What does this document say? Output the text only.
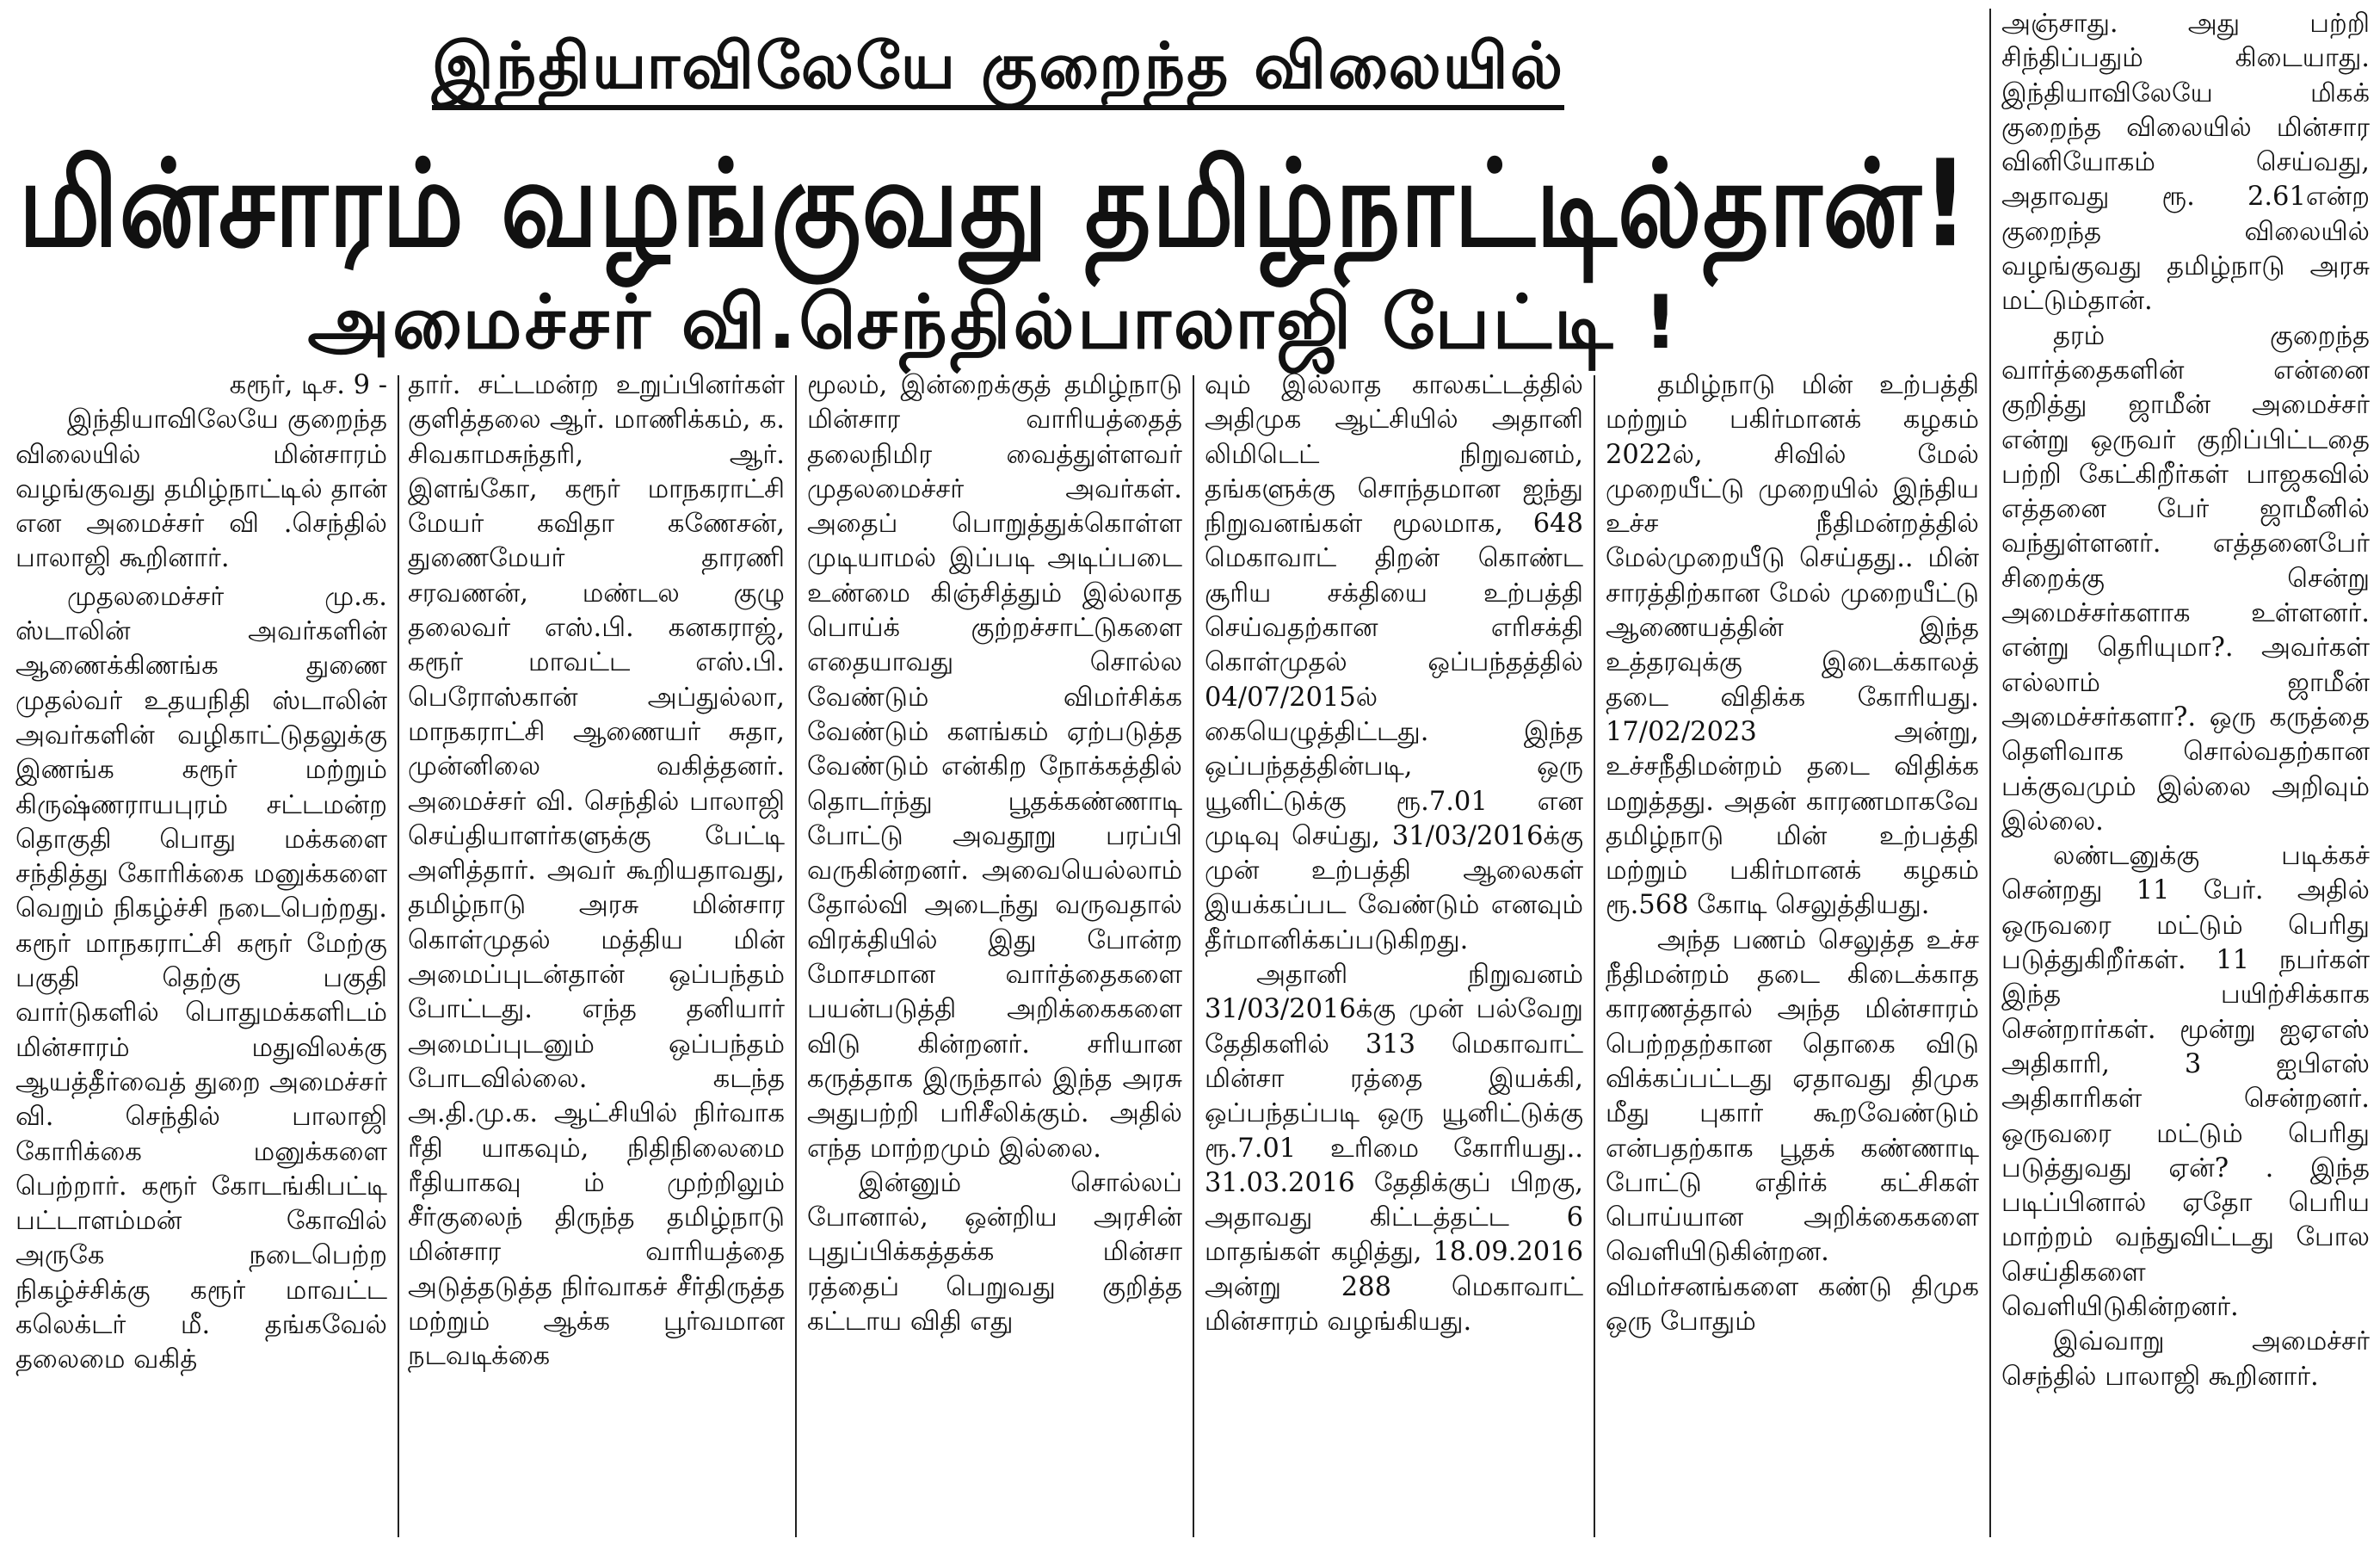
இந்தியாவிலேயே குறைந்த விலையில்
மின்சாரம் வழங்குவது தமிழ்நாட்டில்தான்!
அமைச்சர் வி.செந்தில்பாலாஜி பேட்டி !

கரூர், டிச. 9 -

இந்தியாவிலேயே குறைந்த விலையில் மின்சாரம் வழங்குவது தமிழ்நாட்டில் தான் என அமைச்சர் வி .செந்தில் பாலாஜி கூறினார்.

முதலமைச்சர் மு.க. ஸ்டாலின் அவர்களின் ஆணைக்கிணங்க துணை முதல்வர் உதயநிதி ஸ்டாலின் அவர்களின் வழிகாட்டுதலுக்கு இணங்க கரூர் மற்றும் கிருஷ்ணராயபுரம் சட்டமன்ற தொகுதி பொது மக்களை சந்தித்து கோரிக்கை மனுக்களை வெறும் நிகழ்ச்சி நடைபெற்றது. கரூர் மாநகராட்சி கரூர் மேற்கு பகுதி தெற்கு பகுதி வார்டுகளில் பொதுமக்களிடம் மின்சாரம் மதுவிலக்கு ஆயத்தீர்வைத் துறை அமைச்சர் வி. செந்தில் பாலாஜி கோரிக்கை மனுக்களை பெற்றார். கரூர் கோடங்கிபட்டி பட்டாளம்மன் கோவில் அருகே நடைபெற்ற நிகழ்ச்சிக்கு கரூர் மாவட்ட கலெக்டர் மீ. தங்கவேல் தலைமை வகித்

தார். சட்டமன்ற உறுப்பினர்கள் குளித்தலை ஆர். மாணிக்கம், க. சிவகாமசுந்தரி, ஆர். இளங்கோ, கரூர் மாநகராட்சி மேயர் கவிதா கணேசன், துணைமேயர் தாரணி சரவணன், மண்டல குழு தலைவர் எஸ்.பி. கனகராஜ், கரூர் மாவட்ட எஸ்.பி. பெரோஸ்கான் அப்துல்லா, மாநகராட்சி ஆணையர் சுதா, முன்னிலை வகித்தனர். அமைச்சர் வி. செந்தில் பாலாஜி செய்தியாளர்களுக்கு பேட்டி அளித்தார். அவர் கூறியதாவது, தமிழ்நாடு அரசு மின்சார கொள்முதல் மத்திய மின் அமைப்புடன்தான் ஒப்பந்தம் போட்டது. எந்த தனியார் அமைப்புடனும் ஒப்பந்தம் போடவில்லை. கடந்த அ.தி.மு.க. ஆட்சியில் நிர்வாக ரீதி யாகவும், நிதிநிலைமை ரீதியாகவு ம் முற்றிலும் சீர்குலைந் திருந்த தமிழ்நாடு மின்சார வாரியத்தை அடுத்தடுத்த நிர்வாகச் சீர்திருத்த மற்றும் ஆக்க பூர்வமான நடவடிக்கை

மூலம், இன்றைக்குத் தமிழ்நாடு மின்சார வாரியத்தைத் தலைநிமிர வைத்துள்ளவர் முதலமைச்சர் அவர்கள். அதைப் பொறுத்துக்கொள்ள முடியாமல் இப்படி அடிப்படை உண்மை கிஞ்சித்தும் இல்லாத பொய்க் குற்றச்சாட்டுகளை எதையாவது சொல்ல வேண்டும் விமர்சிக்க வேண்டும் களங்கம் ஏற்படுத்த வேண்டும் என்கிற நோக்கத்தில் தொடர்ந்து பூதக்கண்ணாடி போட்டு அவதூறு பரப்பி வருகின்றனர். அவையெல்லாம் தோல்வி அடைந்து வருவதால் விரக்தியில் இது போன்ற மோசமான வார்த்தைகளை பயன்படுத்தி அறிக்கைகளை விடு கின்றனர். சரியான கருத்தாக இருந்தால் இந்த அரசு அதுபற்றி பரிசீலிக்கும். அதில் எந்த மாற்றமும் இல்லை.

இன்னும் சொல்லப் போனால், ஒன்றிய அரசின் புதுப்பிக்கத்தக்க மின்சா ரத்தைப் பெறுவது குறித்த கட்டாய விதி எது

வும் இல்லாத காலகட்டத்தில் அதிமுக ஆட்சியில் அதானி லிமிடெட் நிறுவனம், தங்களுக்கு சொந்தமான ஐந்து நிறுவனங்கள் மூலமாக, 648 மெகாவாட் திறன் கொண்ட சூரிய சக்தியை உற்பத்தி செய்வதற்கான எரிசக்தி கொள்முதல் ஒப்பந்தத்தில் 04/07/2015ல் கையெழுத்திட்டது. இந்த ஒப்பந்தத்தின்படி, ஒரு யூனிட்டுக்கு ரூ.7.01 என முடிவு செய்து, 31/03/2016க்கு முன் உற்பத்தி ஆலைகள் இயக்கப்பட வேண்டும் எனவும் தீர்மானிக்கப்படுகிறது.

அதானி நிறுவனம் 31/03/2016க்கு முன் பல்வேறு தேதிகளில் 313 மெகாவாட் மின்சா ரத்தை இயக்கி, ஒப்பந்தப்படி ஒரு யூனிட்டுக்கு ரூ.7.01 உரிமை கோரியது.. 31.03.2016 தேதிக்குப் பிறகு, அதாவது கிட்டத்தட்ட 6 மாதங்கள் கழித்து, 18.09.2016 அன்று 288 மெகாவாட் மின்சாரம் வழங்கியது.

தமிழ்நாடு மின் உற்பத்தி மற்றும் பகிர்மானக் கழகம் 2022ல், சிவில் மேல் முறையீட்டு முறையில் இந்திய உச்ச நீதிமன்றத்தில் மேல்முறையீடு செய்தது.. மின் சாரத்திற்கான மேல் முறையீட்டு ஆணையத்தின் இந்த உத்தரவுக்கு இடைக்காலத் தடை விதிக்க கோரியது. 17/02/2023 அன்று, உச்சநீதிமன்றம் தடை விதிக்க மறுத்தது. அதன் காரணமாகவே தமிழ்நாடு மின் உற்பத்தி மற்றும் பகிர்மானக் கழகம் ரூ.568 கோடி செலுத்தியது.

அந்த பணம் செலுத்த உச்ச நீதிமன்றம் தடை கிடைக்காத காரணத்தால் அந்த மின்சாரம் பெற்றதற்கான தொகை விடு விக்கப்பட்டது ஏதாவது திமுக மீது புகார் கூறவேண்டும் என்பதற்காக பூதக் கண்ணாடி போட்டு எதிர்க் கட்சிகள் பொய்யான அறிக்கைகளை வெளியிடுகின்றன. விமர்சனங்களை கண்டு திமுக ஒரு போதும்

அஞ்சாது. அது பற்றி சிந்திப்பதும் கிடையாது. இந்தியாவிலேயே மிகக் குறைந்த விலையில் மின்சார வினியோகம் செய்வது, அதாவது ரூ. 2.61என்ற குறைந்த விலையில் வழங்குவது தமிழ்நாடு அரசு மட்டும்தான்.

தரம் குறைந்த வார்த்தைகளின் என்னை குறித்து ஜாமீன் அமைச்சர் என்று ஒருவர் குறிப்பிட்டதை பற்றி கேட்கிறீர்கள் பாஜகவில் எத்தனை பேர் ஜாமீனில் வந்துள்ளனர். எத்தனைபேர் சிறைக்கு சென்று அமைச்சர்களாக உள்ளனர். என்று தெரியுமா?. அவர்கள் எல்லாம் ஜாமீன் அமைச்சர்களா?. ஒரு கருத்தை தெளிவாக சொல்வதற்கான பக்குவமும் இல்லை அறிவும் இல்லை.

லண்டனுக்கு படிக்கச் சென்றது 11 பேர். அதில் ஒருவரை மட்டும் பெரிது படுத்துகிறீர்கள். 11 நபர்கள் இந்த பயிற்சிக்காக சென்றார்கள். மூன்று ஐஏஎஸ் அதிகாரி, 3 ஐபிஎஸ் அதிகாரிகள் சென்றனர். ஒருவரை மட்டும் பெரிது படுத்துவது ஏன்? . இந்த படிப்பினால் ஏதோ பெரிய மாற்றம் வந்துவிட்டது போல செய்திகளை வெளியிடுகின்றனர்.

இவ்வாறு அமைச்சர் செந்தில் பாலாஜி கூறினார்.
